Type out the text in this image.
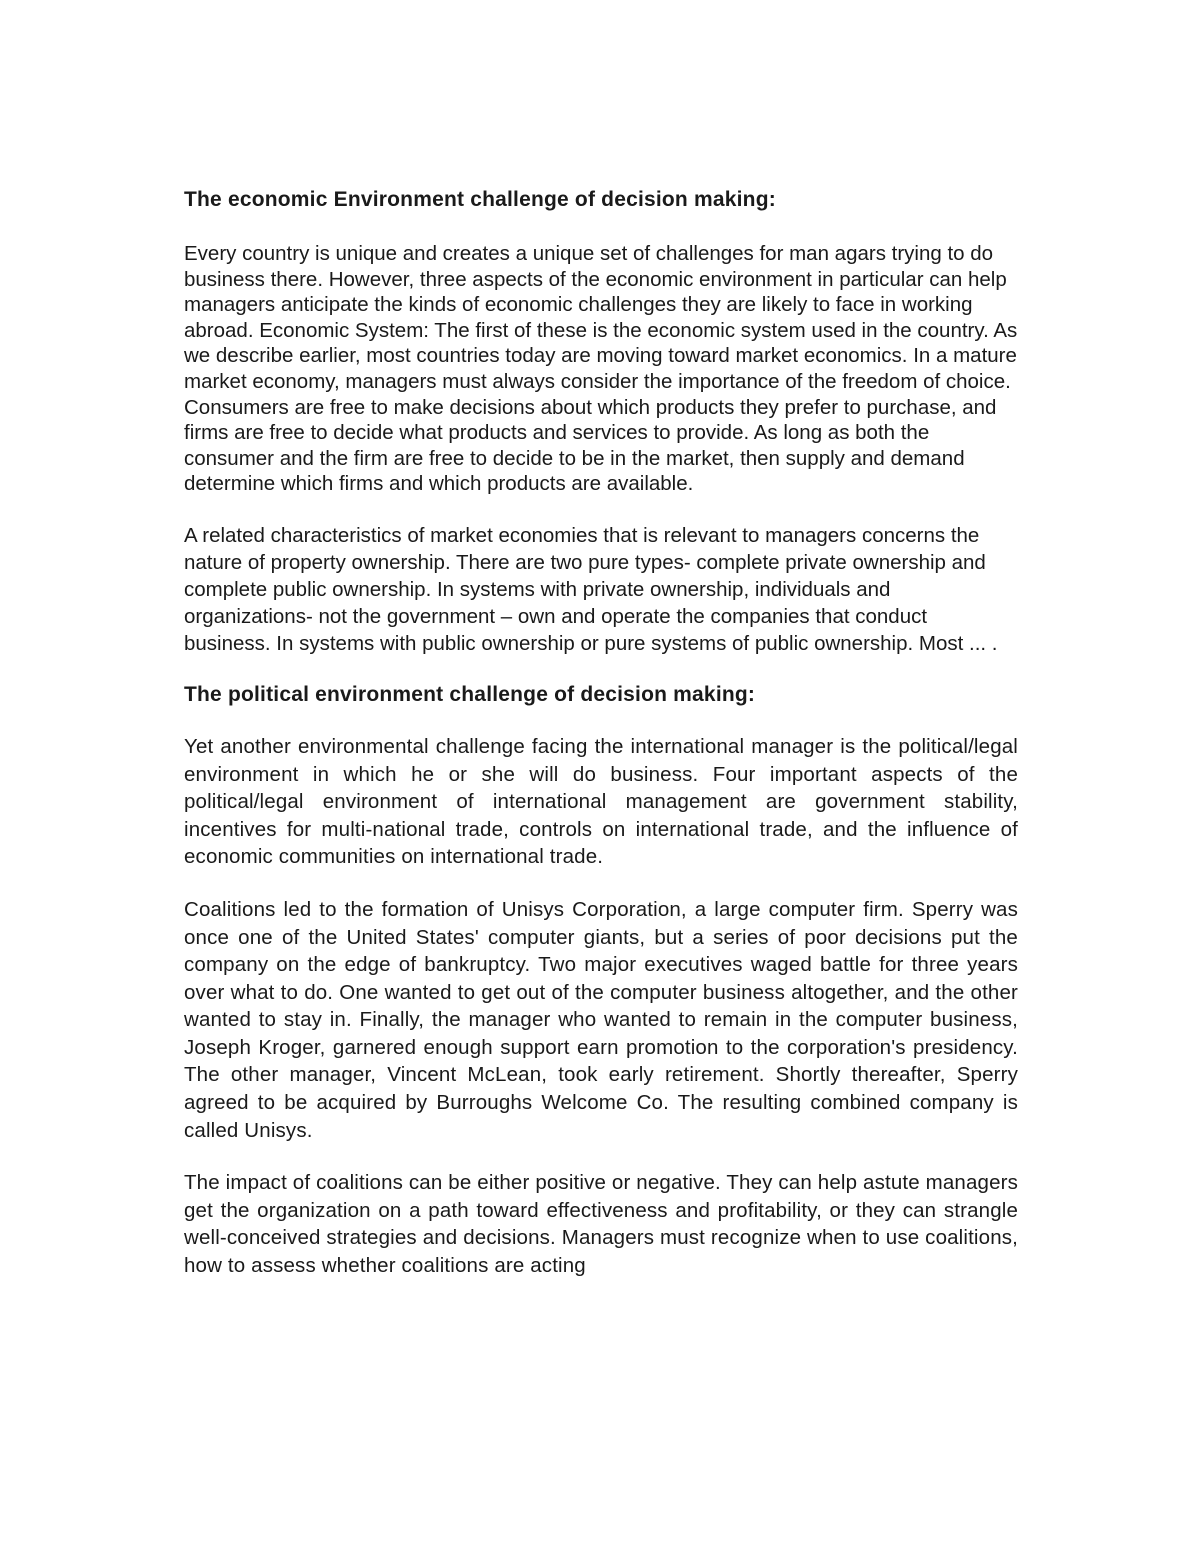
The economic Environment challenge of decision making:

Every country is unique and creates a unique set of challenges for man agars trying to do business there. However, three aspects of the economic environment in particular can help managers anticipate the kinds of economic challenges they are likely to face in working abroad. Economic System: The first of these is the economic system used in the country. As we describe earlier, most countries today are moving toward market economics. In a mature market economy, managers must always consider the importance of the freedom of choice. Consumers are free to make decisions about which products they prefer to purchase, and firms are free to decide what products and services to provide. As long as both the consumer and the firm are free to decide to be in the market, then supply and demand determine which firms and which products are available.

A related characteristics of market economies that is relevant to managers concerns the nature of property ownership. There are two pure types- complete private ownership and complete public ownership. In systems with private ownership, individuals and organizations- not the government – own and operate the companies that conduct business. In systems with public ownership or pure systems of public ownership. Most ... .

The political environment challenge of decision making:

Yet another environmental challenge facing the international manager is the political/legal environment in which he or she will do business. Four important aspects of the political/legal environment of international management are government stability, incentives for multi-national trade, controls on international trade, and the influence of economic communities on international trade.

Coalitions led to the formation of Unisys Corporation, a large computer firm. Sperry was once one of the United States' computer giants, but a series of poor decisions put the company on the edge of bankruptcy. Two major executives waged battle for three years over what to do. One wanted to get out of the computer business altogether, and the other wanted to stay in. Finally, the manager who wanted to remain in the computer business, Joseph Kroger, garnered enough support earn promotion to the corporation's presidency. The other manager, Vincent McLean, took early retirement. Shortly thereafter, Sperry agreed to be acquired by Burroughs Welcome Co. The resulting combined company is called Unisys.

The impact of coalitions can be either positive or negative. They can help astute managers get the organization on a path toward effectiveness and profitability, or they can strangle well-conceived strategies and decisions. Managers must recognize when to use coalitions, how to assess whether coalitions are acting
